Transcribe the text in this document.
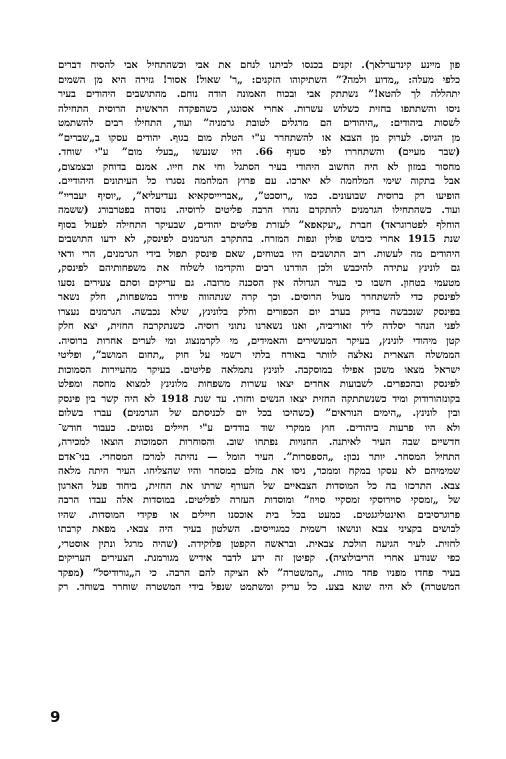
פון מיינע קינדערלאך). זקנים בכנסו לביתנו לנחם את אבי וכשהתחיל אבי להסיח דברים
כלפי מעלה: „מדוע ולמה?” השתיקוהו הזקנים: „ר' שאול! אסור! גזירה היא מן השמים
יתהללה לך להטא!” נשתתק אבי ובכוח האמונה הודה נוחם. מהתושבים היהודים בעיר
ניסו והשתתפו בחזית כשלוש עשרות. אחרי אסונגו, כשהפקדה הראשית הרוסית התחילה
לשסות ביהודים: „היהודים הם מרגלים לטובת גרמניה” ועוד, התחילו רבים להשתמט
מן הגיוס. לערוק מן הצבא או להשתחרר ע"י הטלת מום בגוף. יהודים עסקו ב„שברים”
(שבר מעיים) והשתחררו לפי סעיף 66. היו שנעשו „בעלי מום” ע"י שוחד.
מחסור במזון לא היה החשוב היהודי בעיר הסתגל וחי את חייו. אמנם בדוחק ובצמצום,
אבל בתקוה שימי המלחמה לא יארכו. עם פרוץ המלחמה נסגרו כל העיתונים היהודיים.
הופיעו רק ברוסית שבועונים. כמו „רוסכט”, „אבריייסקאיא נעדיעליא”, „יוסיף יעבריי”
ועוד. כשהתחילו הגרמנים להתקדם נהרו הרבה פליטים לרוסיה. נוסדה בפטרבורג (ששמה
הוחלף לפטרוגראד) חברת „יעקאפא” לעזרת פליטים יהודים, שבעיקר התחילה לפעול בסוף
שנת 1915 אחרי כיבוש פולין ונפות המזרח. בהתקרב הגרמנים לפינסק, לא ידעו התושבים
היהודים מה לעשות. רוב התושבים היו בטוחים, שאם פינסק תפול בידי הגרמנים, הרי ודאי
גם לונינץ עתידה להיכבש ולכן הודרנו רבים והקדימו לשלוח את משפחותיהם לפינסק,
מטעמי בטחון. חשבו כי בעיר הגדולה אין הסכנה מרובה. גם עריקים וסתם צעירים נסעו
לפינסק כדי להשתחרר מעול הרוסים. וכך קרה שנתהווה פירוד במשפחות, חלק נשאר
בפינסק שנכבשה בדיוק בערב יום הכפורים וחלק בלונינץ, שלא נכבשה. הגרמנים נעצרו
לפני הנהר יסלדה ליד זאוריביה, ואנו נשארנו נתוני רוסיה. כשנתקרבה החזית, יצא חלק
קטן מיהודי לונינץ, בעיקר המעשירים והאמידים, מי לקרמנצוג ומי לערים אחרות ברוסיה.
הממשלה הצארית נאלצה לוותר באורח בלתי רשמי על חוק „תחום המושב”, ופליטי
ישראל מצאו משכן אפילו במוסקבה. לונינץ נתמלאה פליטים. בעיקר מהעיירות הסמוכות
לפינסק ובהכפרים. לשבועות אחדים יצאו עשרות משפחות מלונינץ למצוא מחסה ומפלט
בקונזהורודוק ומיד כשנשתתקה החזית יצאו הנשים וחזרו. עד שנת 1918 לא היה קשר בין פינסק
ובין לונינץ. „הימים הנוראים” (כשהיכו בכל יום לכניסתם של הגרמנים) עברו בשלום
ולא היו פרעות ביהודים. חוץ ממקרי שוד בודדים ע"י חיילים נסוגים. כעבור חודש־
חדשיים שבה העיר לאיתנה. החנויות נפתחו שוב. והסוחרות הסמוכות הוצאו למכירה,
התחיל המסחר. יותר נכון: „הספסרות”. העיר הומל — נהיתה למרכז המסחרי. בני־אדם
שמימיהם לא עסקו במקח וממכר, ניסו את מזלם במסחר והיו שהצליחו. העיר היתה מלאה
צבא. התרכזו בה כל המוסדות הצבאיים של העורף שרתו את החזית, ביחוד פעל הארגון
של „זמסקי סוירוסקי זמסקיי סויוז” ומוסדות העזרה לפליטים. במוסדות אלה עבדו הרבה
פרוגרסיבים ואינטליגנטים. כמעט בכל בית אוכסנו חיילים או פקידי המוסדות. שהיו
לבושים בקציני צבא ונושאו רשמית כמגוייסים. השלטון בעיר היה צבאי. מפאת קרבתו
לחזית. לעיר הגיעה הולכת צבאית. ובראשה הקפטן פלוקידה. (שהיה מרגל ונתין אוסטרי,
כפי שנודע אחרי הריבולוציה). קפיטן זה ידע לדבר אידיש מגורמנת. הצעירים העריקים
בעיר פחדו מפניו פחד מוות. „המשטרה” לא הציקה להם הרבה. כי ה„גורודיסל” (מפקד
המשטרה) לא היה שונא בצע. כל עריק ומשתמט שנפל בידי המשטרה שוחרר בשוחד. רק
9
